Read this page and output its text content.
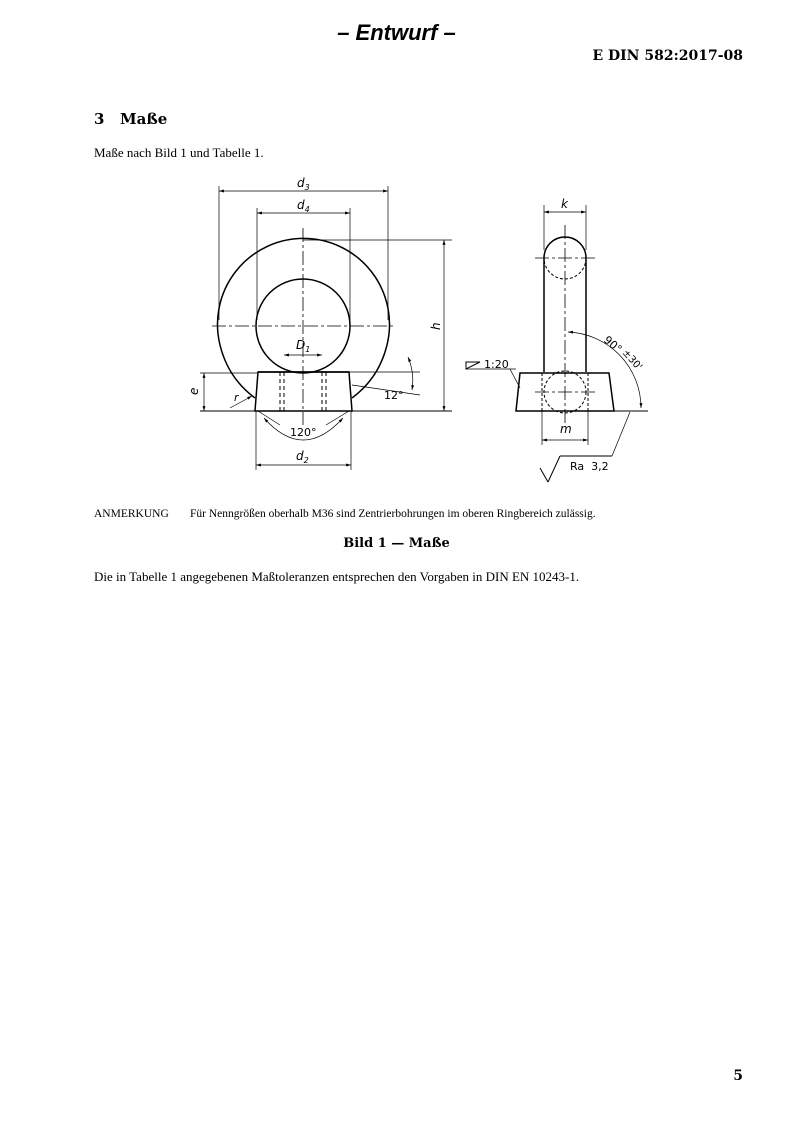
– Entwurf –
E DIN 582:2017-08
3 Maße
Maße nach Bild 1 und Tabelle 1.
$d_3$
$d_4$
h
$D_1$
e	r	12°
120°
$d_2$
k
90°
±30'
1:20
m
Ra  3,2
ANMERKUNG Für Nenngrößen oberhalb M36 sind Zentrierbohrungen im oberen Ringbereich zulässig.
Bild 1 — Maße
Die in Tabelle 1 angegebenen Maßtoleranzen entsprechen den Vorgaben in DIN EN 10243-1.
5
